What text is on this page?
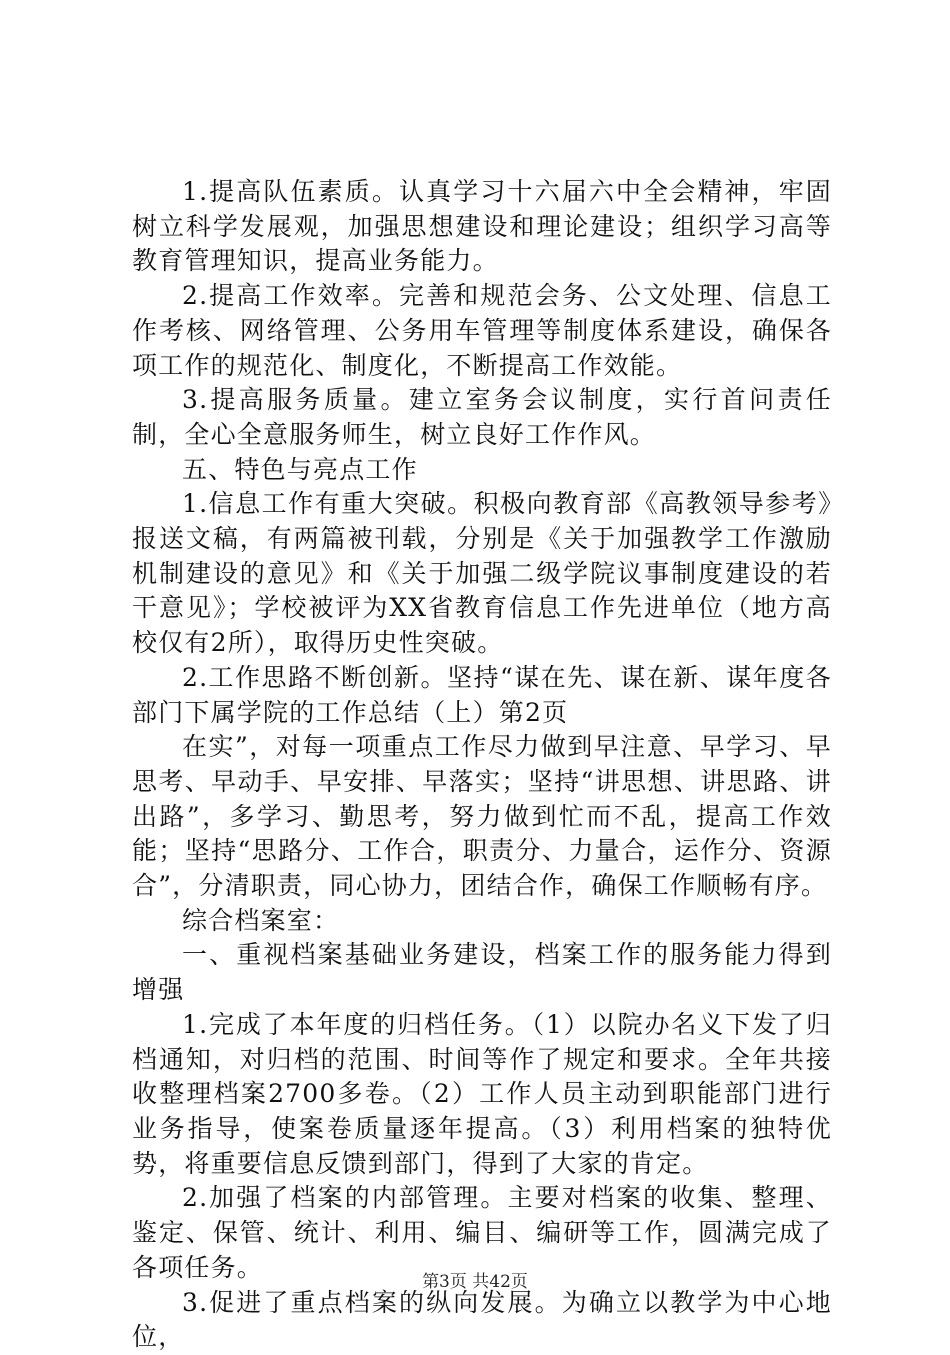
1.提高队伍素质。认真学习十六届六中全会精神，牢固树立科学发展观，加强思想建设和理论建设；组织学习高等教育管理知识，提高业务能力。

2.提高工作效率。完善和规范会务、公文处理、信息工作考核、网络管理、公务用车管理等制度体系建设，确保各项工作的规范化、制度化，不断提高工作效能。

3.提高服务质量。建立室务会议制度，实行首问责任制，全心全意服务师生，树立良好工作作风。

五、特色与亮点工作

1.信息工作有重大突破。积极向教育部《高教领导参考》报送文稿，有两篇被刊载，分别是《关于加强教学工作激励机制建设的意见》和《关于加强二级学院议事制度建设的若干意见》；学校被评为XX省教育信息工作先进单位（地方高校仅有2所），取得历史性突破。

2.工作思路不断创新。坚持“谋在先、谋在新、谋年度各部门下属学院的工作总结（上）第2页

在实”，对每一项重点工作尽力做到早注意、早学习、早思考、早动手、早安排、早落实；坚持“讲思想、讲思路、讲出路”，多学习、勤思考，努力做到忙而不乱，提高工作效能；坚持“思路分、工作合，职责分、力量合，运作分、资源合”，分清职责，同心协力，团结合作，确保工作顺畅有序。

综合档案室：

一、重视档案基础业务建设，档案工作的服务能力得到增强

1.完成了本年度的归档任务。（1）以院办名义下发了归档通知，对归档的范围、时间等作了规定和要求。全年共接收整理档案2700多卷。（2）工作人员主动到职能部门进行业务指导，使案卷质量逐年提高。（3）利用档案的独特优势，将重要信息反馈到部门，得到了大家的肯定。

2.加强了档案的内部管理。主要对档案的收集、整理、鉴定、保管、统计、利用、编目、编研等工作，圆满完成了各项任务。

3.促进了重点档案的纵向发展。为确立以教学为中心地位，

第3页 共42页
